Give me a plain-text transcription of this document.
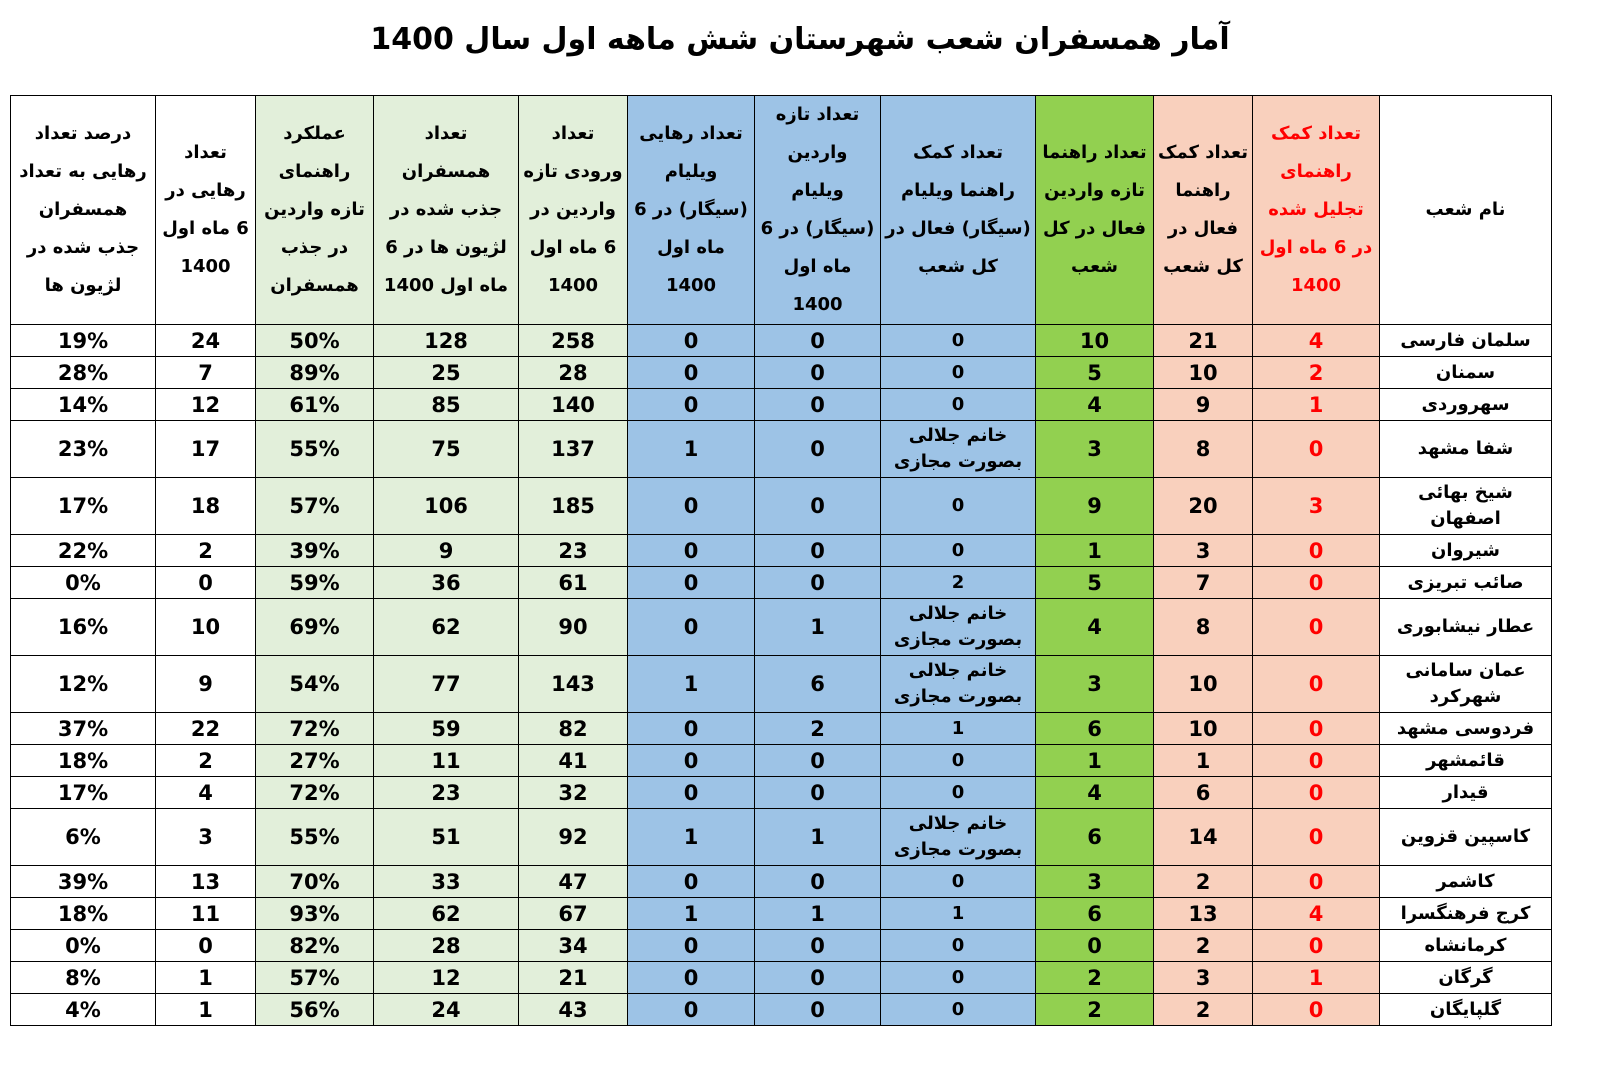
آمار همسفران شعب شهرستان شش ماهه اول سال 1400
نام شعب	تعداد کمک راهنمای تجلیل شده در 6 ماه اول 1400	تعداد کمک راهنما فعال در کل شعب	تعداد راهنما تازه واردین فعال در کل شعب	تعداد کمک راهنما ویلیام (سیگار) فعال در کل شعب	تعداد تازه واردین ویلیام (سیگار) در 6 ماه اول 1400	تعداد رهایی ویلیام (سیگار) در 6 ماه اول 1400	تعداد ورودی تازه واردین در 6 ماه اول 1400	تعداد همسفران جذب شده در لژیون ها در 6 ماه اول 1400	عملکرد راهنمای تازه واردین در جذب همسفران	تعداد رهایی در 6 ماه اول 1400	درصد تعداد رهایی به تعداد همسفران جذب شده در لژیون ها
سلمان فارسی	4	21	10	0	0	0	258	128	50%	24	19%
سمنان	2	10	5	0	0	0	28	25	89%	7	28%
سهروردی	1	9	4	0	0	0	140	85	61%	12	14%
شفا مشهد	0	8	3	خانم جلالی بصورت مجازی	0	1	137	75	55%	17	23%
شیخ بهائی اصفهان	3	20	9	0	0	0	185	106	57%	18	17%
شیروان	0	3	1	0	0	0	23	9	39%	2	22%
صائب تبریزی	0	7	5	2	0	0	61	36	59%	0	0%
عطار نیشابوری	0	8	4	خانم جلالی بصورت مجازی	1	0	90	62	69%	10	16%
عمان سامانی شهرکرد	0	10	3	خانم جلالی بصورت مجازی	6	1	143	77	54%	9	12%
فردوسی مشهد	0	10	6	1	2	0	82	59	72%	22	37%
قائمشهر	0	1	1	0	0	0	41	11	27%	2	18%
قیدار	0	6	4	0	0	0	32	23	72%	4	17%
کاسپین قزوین	0	14	6	خانم جلالی بصورت مجازی	1	1	92	51	55%	3	6%
کاشمر	0	2	3	0	0	0	47	33	70%	13	39%
کرج فرهنگسرا	4	13	6	1	1	1	67	62	93%	11	18%
کرمانشاه	0	2	0	0	0	0	34	28	82%	0	0%
گرگان	1	3	2	0	0	0	21	12	57%	1	8%
گلپایگان	0	2	2	0	0	0	43	24	56%	1	4%
